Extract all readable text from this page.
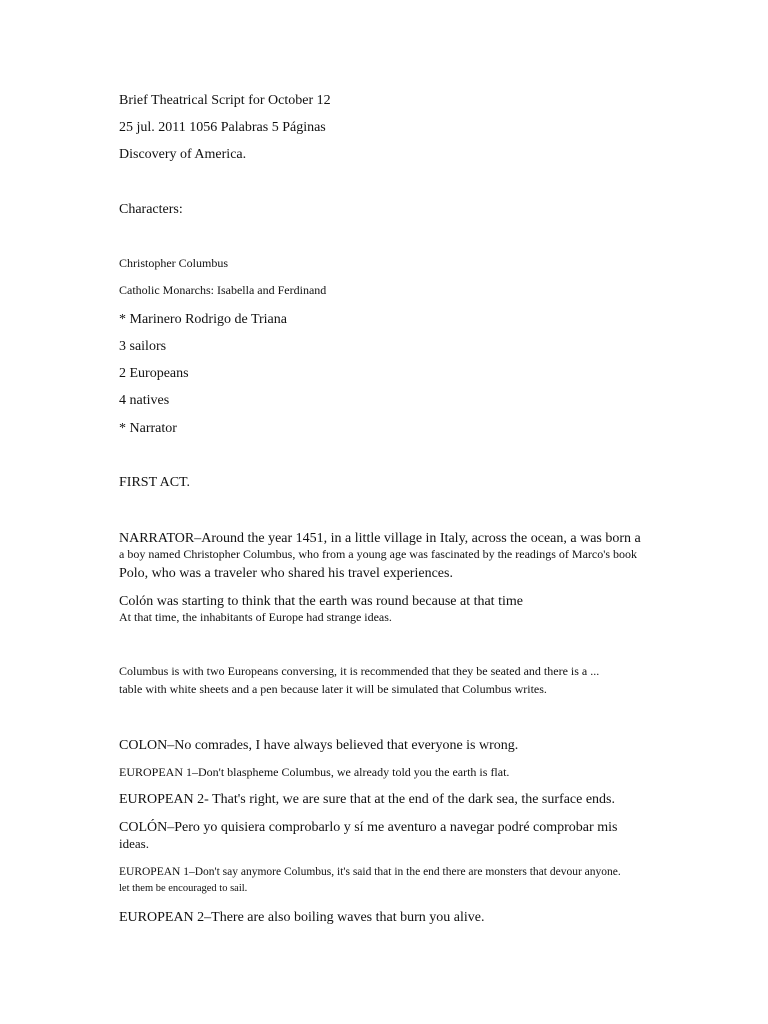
Brief Theatrical Script for October 12
25 jul. 2011 1056 Palabras 5 Páginas
Discovery of America.
Characters:
Christopher Columbus
Catholic Monarchs: Isabella and Ferdinand
* Marinero Rodrigo de Triana
3 sailors
2 Europeans
4 natives
* Narrator
FIRST ACT.
NARRATOR–Around the year 1451, in a little village in Italy, across the ocean, a was born a
a boy named Christopher Columbus, who from a young age was fascinated by the readings of Marco's book
Polo, who was a traveler who shared his travel experiences.
Colón was starting to think that the earth was round because at that time
At that time, the inhabitants of Europe had strange ideas.
Columbus is with two Europeans conversing, it is recommended that they be seated and there is a ...
table with white sheets and a pen because later it will be simulated that Columbus writes.
COLON–No comrades, I have always believed that everyone is wrong.
EUROPEAN 1–Don't blaspheme Columbus, we already told you the earth is flat.
EUROPEAN 2- That's right, we are sure that at the end of the dark sea, the surface ends.
COLÓN–Pero yo quisiera comprobarlo y sí me aventuro a navegar podré comprobar mis
ideas.
EUROPEAN 1–Don't say anymore Columbus, it's said that in the end there are monsters that devour anyone.
let them be encouraged to sail.
EUROPEAN 2–There are also boiling waves that burn you alive.
